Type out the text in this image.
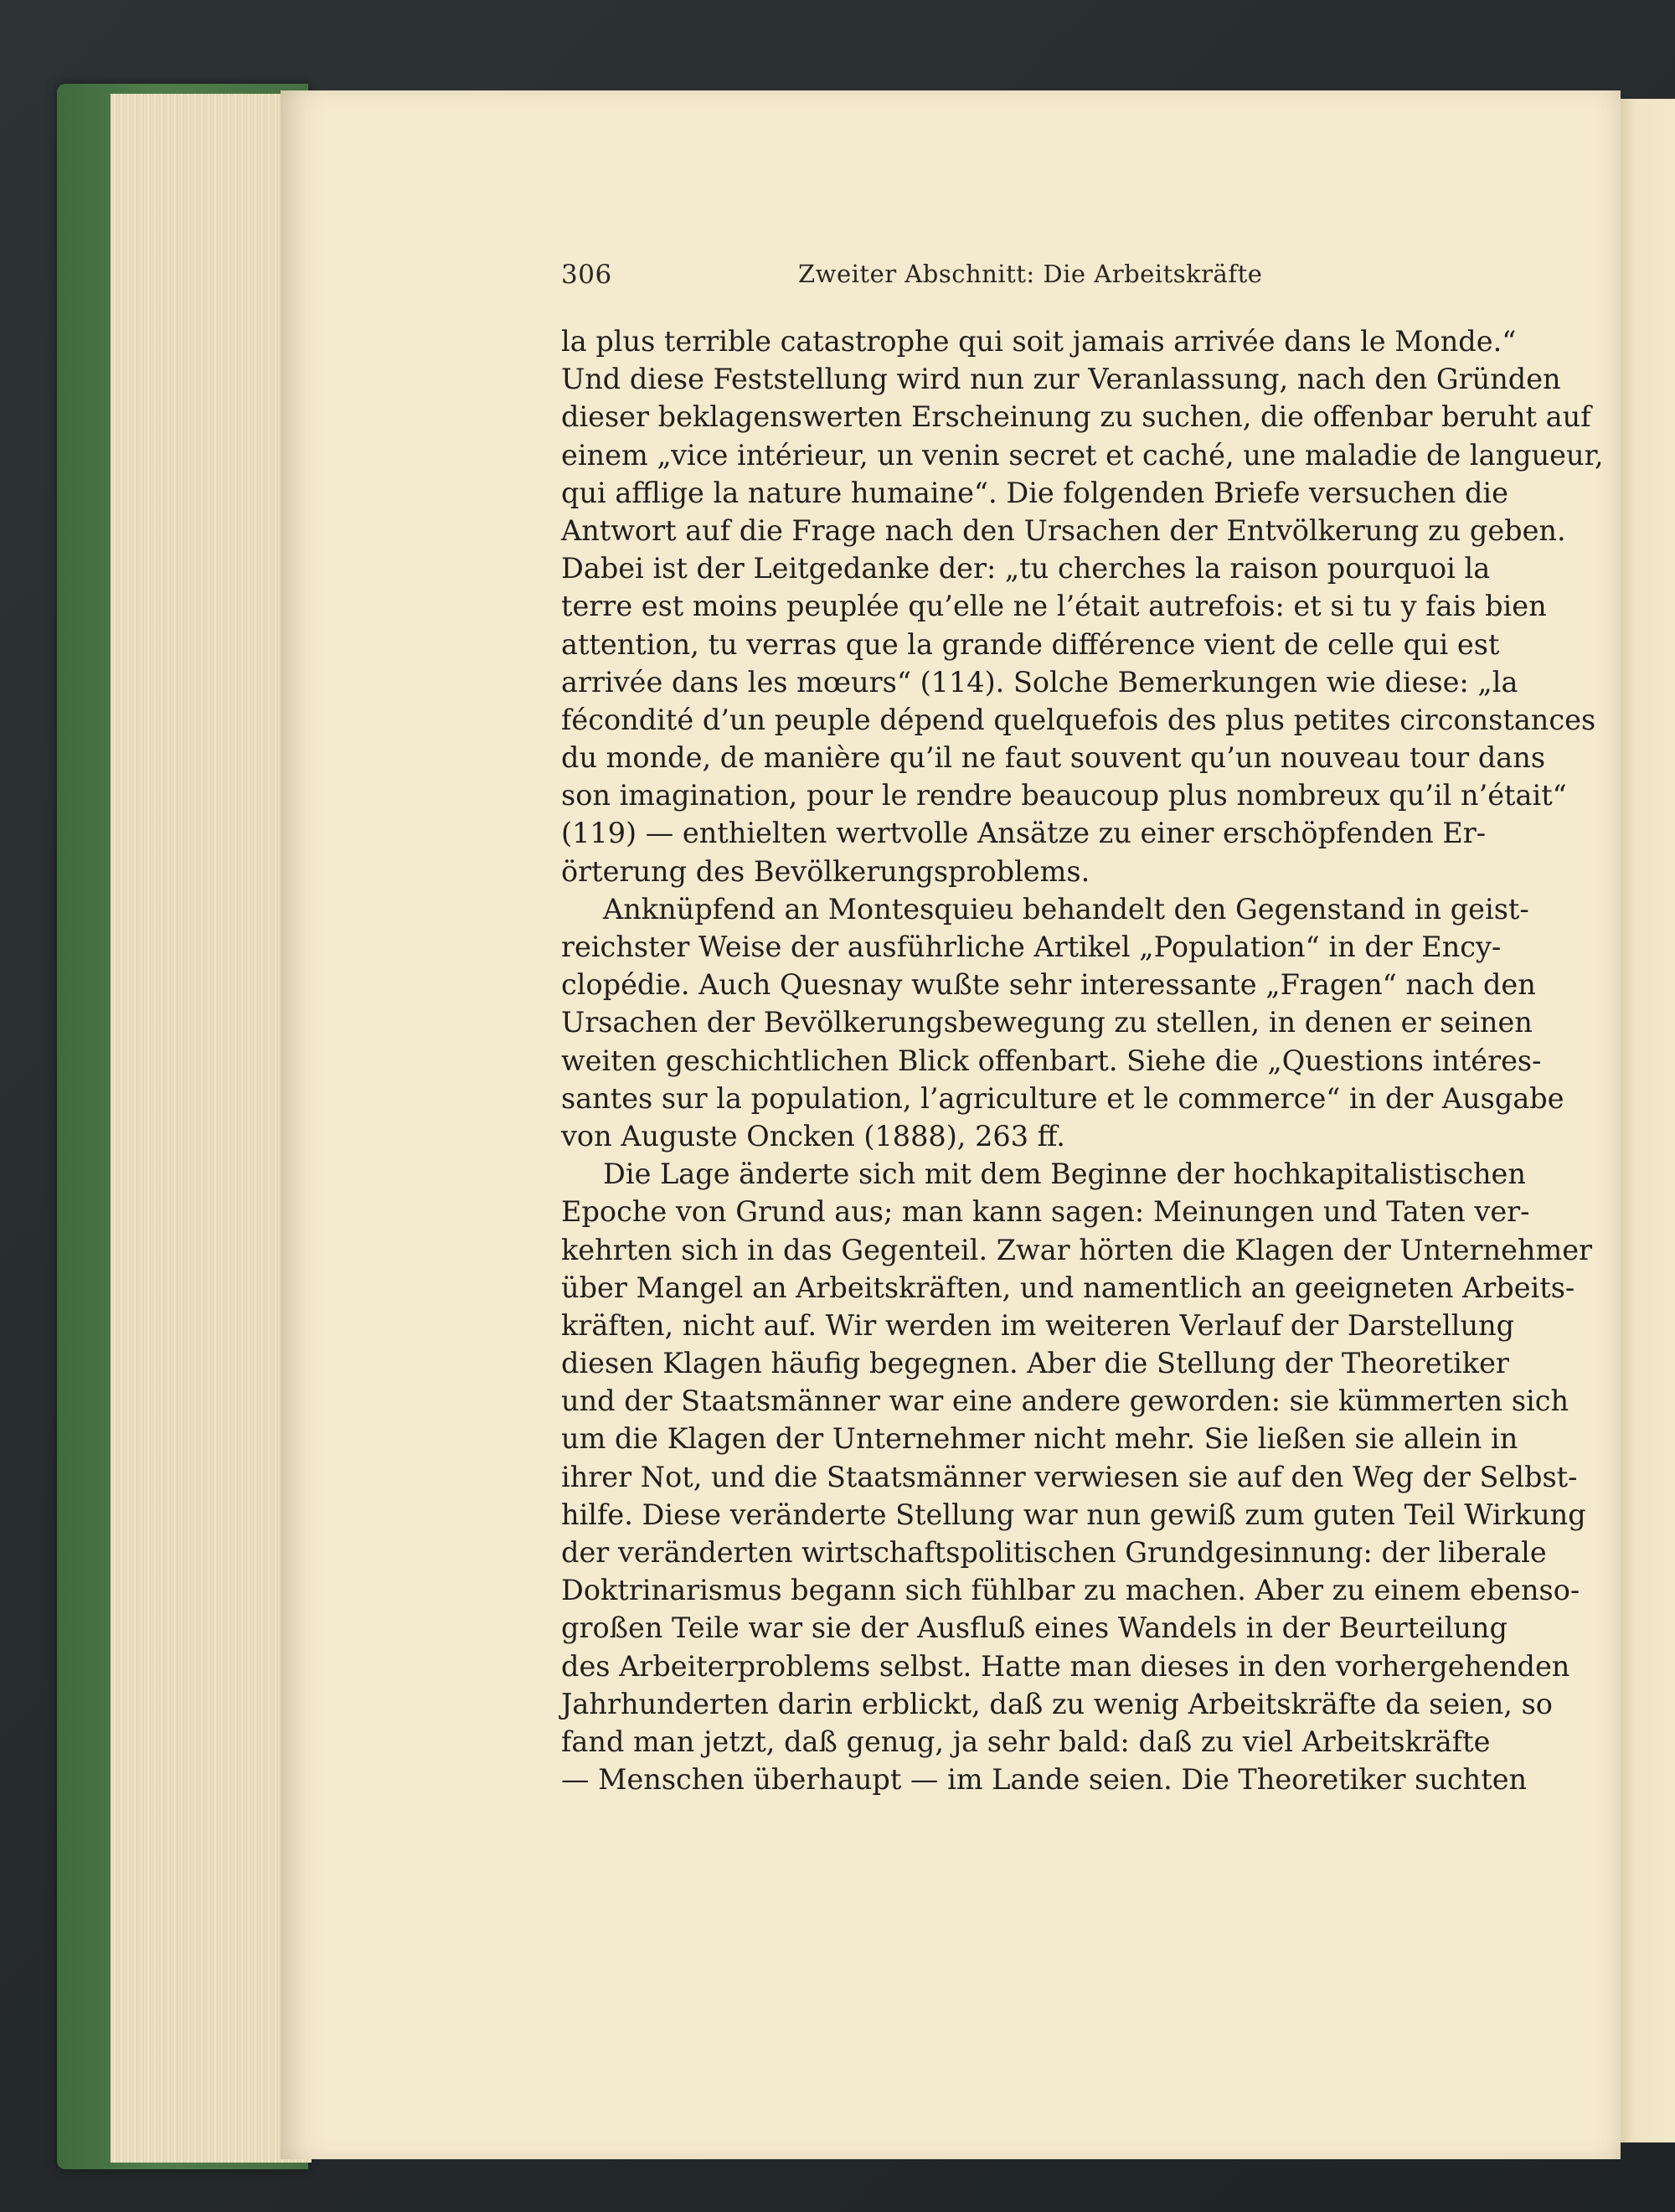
306	Zweiter Abschnitt: Die Arbeitskräfte
la plus terrible catastrophe qui soit jamais arrivée dans le Monde.“
Und diese Feststellung wird nun zur Veranlassung, nach den Gründen
dieser beklagenswerten Erscheinung zu suchen, die offenbar beruht auf
einem „vice intérieur, un venin secret et caché, une maladie de langueur,
qui afflige la nature humaine“. Die folgenden Briefe versuchen die
Antwort auf die Frage nach den Ursachen der Entvölkerung zu geben.
Dabei ist der Leitgedanke der: „tu cherches la raison pourquoi la
terre est moins peuplée qu’elle ne l’était autrefois: et si tu y fais bien
attention, tu verras que la grande différence vient de celle qui est
arrivée dans les mœurs“ (114). Solche Bemerkungen wie diese: „la
fécondité d’un peuple dépend quelquefois des plus petites circonstances
du monde, de manière qu’il ne faut souvent qu’un nouveau tour dans
son imagination, pour le rendre beaucoup plus nombreux qu’il n’était“
(119) — enthielten wertvolle Ansätze zu einer erschöpfenden Er-
örterung des Bevölkerungsproblems.
Anknüpfend an Montesquieu behandelt den Gegenstand in geist-
reichster Weise der ausführliche Artikel „Population“ in der Ency-
clopédie. Auch Quesnay wußte sehr interessante „Fragen“ nach den
Ursachen der Bevölkerungsbewegung zu stellen, in denen er seinen
weiten geschichtlichen Blick offenbart. Siehe die „Questions intéres-
santes sur la population, l’agriculture et le commerce“ in der Ausgabe
von Auguste Oncken (1888), 263 ff.
Die Lage änderte sich mit dem Beginne der hochkapitalistischen
Epoche von Grund aus; man kann sagen: Meinungen und Taten ver-
kehrten sich in das Gegenteil. Zwar hörten die Klagen der Unternehmer
über Mangel an Arbeitskräften, und namentlich an geeigneten Arbeits-
kräften, nicht auf. Wir werden im weiteren Verlauf der Darstellung
diesen Klagen häufig begegnen. Aber die Stellung der Theoretiker
und der Staatsmänner war eine andere geworden: sie kümmerten sich
um die Klagen der Unternehmer nicht mehr. Sie ließen sie allein in
ihrer Not, und die Staatsmänner verwiesen sie auf den Weg der Selbst-
hilfe. Diese veränderte Stellung war nun gewiß zum guten Teil Wirkung
der veränderten wirtschaftspolitischen Grundgesinnung: der liberale
Doktrinarismus begann sich fühlbar zu machen. Aber zu einem ebenso-
großen Teile war sie der Ausfluß eines Wandels in der Beurteilung
des Arbeiterproblems selbst. Hatte man dieses in den vorhergehenden
Jahrhunderten darin erblickt, daß zu wenig Arbeitskräfte da seien, so
fand man jetzt, daß genug, ja sehr bald: daß zu viel Arbeitskräfte
— Menschen überhaupt — im Lande seien. Die Theoretiker suchten
